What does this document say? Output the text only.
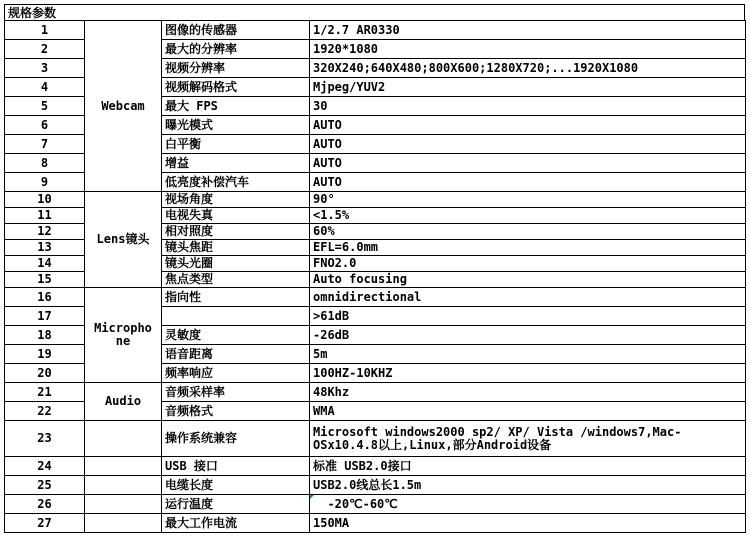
规格参数
1	Webcam	图像的传感器	1/2.7 AR0330
2		最大的分辨率	1920*1080
3		视频分辨率	320X240;640X480;800X600;1280X720;...1920X1080
4		视频解码格式	Mjpeg/YUV2
5		最大 FPS	30
6		曝光模式	AUTO
7		白平衡	AUTO
8		增益	AUTO
9		低亮度补偿汽车	AUTO
10	Lens镜头	视场角度	90°
11		电视失真	<1.5%
12		相对照度	60%
13		镜头焦距	EFL=6.0mm
14		镜头光圈	FNO2.0
15		焦点类型	Auto focusing
16	Micropho ne	指向性	omnidirectional
17			>61dB
18		灵敏度	-26dB
19		语音距离	5m
20		频率响应	100HZ-10KHZ
21	Audio	音频采样率	48Khz
22		音频格式	WMA
23		操作系统兼容	Microsoft windows2000 sp2/ XP/ Vista /windows7,Mac-OSx10.4.8以上,Linux,部分Android设备
24		USB 接口	标准 USB2.0接口
25		电缆长度	USB2.0线总长1.5m
26		运行温度	-20℃-60℃
27		最大工作电流	150MA
